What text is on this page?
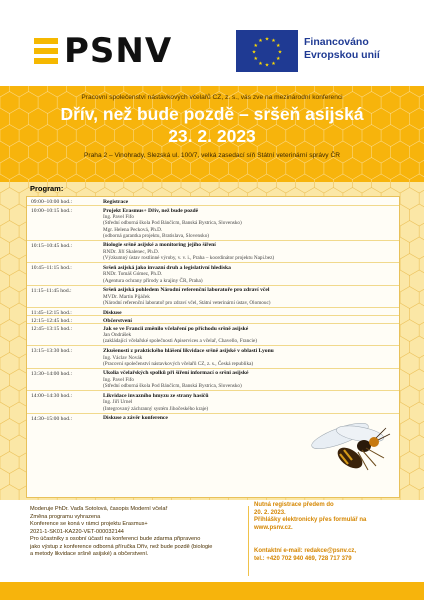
PSNV	★ ★
★
★
★
★
★
★
★
★
★
★	Financováno
Evropskou unií
Pracovní společenství nástavkových včelařů CZ, z. s., vás zve na mezinárodní konferenci
Dřív, než bude pozdě – sršeň asijská
23. 2. 2023
Praha 2 – Vinohrady, Slezská ul. 100/7, velká zasedací síň Státní veterinární správy ČR
Program:
09:00–10:00 hod.:	Registrace
10:00–10:15 hod.:	Projekt Erasmus+ Dřív, než bude pozdě
Ing. Pavel Fifo
(Střední odborná škola Pod Bánčícm, Banská Bystrica, Slovensko)
Mgr. Helena Pecková, Ph.D.
(odborná garantka projektu, Bratislava, Slovensko)
10:15–10:45 hod.:	Biologie sršně asijské a monitoring jejího šíření
RNDr. Jiří Skalenec, Ph.D.
(Výzkumný ústav rostlinné výroby, v. v. i., Praha – koordinátor projektu Napi.bez)
10:45–11:15 hod.:	Sršeň asijská jako invazní druh a legislativní hlediska
RNDr. Tomáš Gómez, Ph.D.
(Agentura ochrany přírody a krajiny ČR, Praha)
11:15–11:45 hod.:	Sršeň asijská pohledem Národní referenční laboratoře pro zdraví včel
MVDr. Martin Pijáček
(Národní referenční laboratoř pro zdraví včel, Státní veterinární ústav, Olomouc)
11:45–12:15 hod.:	Diskuse
12:15–12:45 hod.:	Občerstvení
12:45–13:15 hod.:	Jak se ve Francii změnilo včelaření po příchodu sršně asijské
Jan Ondrášek
(zakládající včelařské společnosti Apiservices a včelař, Chavello, Francie)
13:15–13:30 hod.:	Zkušenosti z praktického hlášení likvidace sršně asijské v oblasti Lyonu
Ing. Václav Novák
(Pracovní společenství nástavkových včelařů CZ, z. s., Česká republika)
13:30–14:00 hod.:	Ukolia včelařských spolků při šíření informací o sršni asijské
Ing. Pavel Fifo
(Střední odborná škola Pod Bánčícm, Banská Bystrica, Slovensko)
14:00–14:30 hod.:	Likvidace invazního hmyzu ze strany hasičů
Ing. Jiří Urnel
(Integrovaný záchranný systém Jihočeského kraje)
14:30–15:00 hod.:	Diskuse a závěr konference
Moderuje PhDr. Vaďa Sotolová, časopis Moderní včelař
Změna programu vyhrazena
Konference se koná v rámci projektu Erasmus+
2021-1-SK01-KA220-VET-000032144
Pro účastníky s osobní účastí na konferenci bude zdarma připraveno
jako výstup z konference odborná příručka Dřív, než bude pozdě (biologie
a metody likvidace sršně asijské) a občerstvení.
Nutná registrace předem do
20. 2. 2023.
Přihlášky elektronicky přes formulář na
www.psnv.cz.
Kontaktní e-mail: redakce@psnv.cz,
tel.: +420 702 940 469, 728 717 379
